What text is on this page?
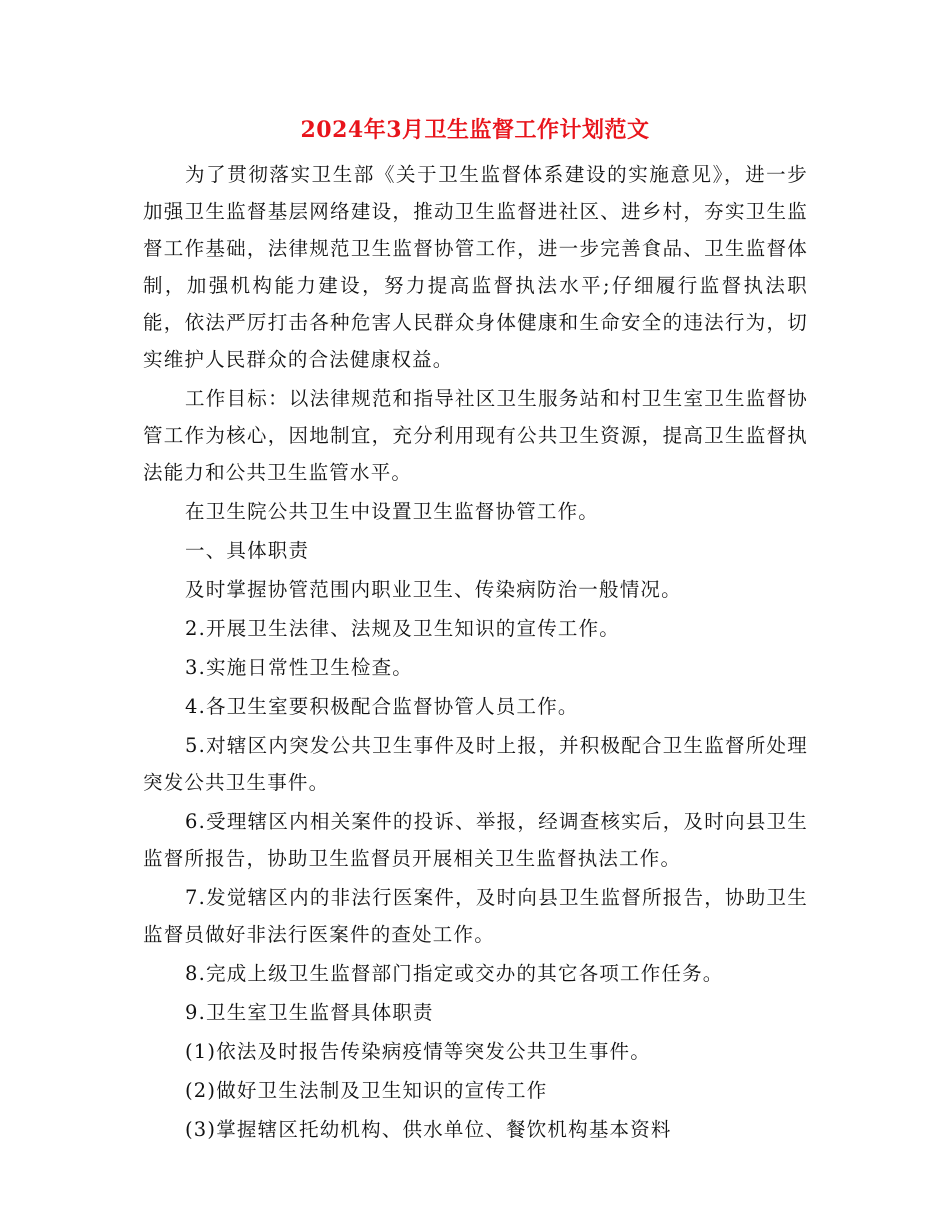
2024年3月卫生监督工作计划范文

为了贯彻落实卫生部《关于卫生监督体系建设的实施意见》，进一步加强卫生监督基层网络建设，推动卫生监督进社区、进乡村，夯实卫生监督工作基础，法律规范卫生监督协管工作，进一步完善食品、卫生监督体制，加强机构能力建设，努力提高监督执法水平;仔细履行监督执法职能，依法严厉打击各种危害人民群众身体健康和生命安全的违法行为，切实维护人民群众的合法健康权益。

工作目标：以法律规范和指导社区卫生服务站和村卫生室卫生监督协管工作为核心，因地制宜，充分利用现有公共卫生资源，提高卫生监督执法能力和公共卫生监管水平。

在卫生院公共卫生中设置卫生监督协管工作。

一、具体职责

及时掌握协管范围内职业卫生、传染病防治一般情况。

2.开展卫生法律、法规及卫生知识的宣传工作。

3.实施日常性卫生检查。

4.各卫生室要积极配合监督协管人员工作。

5.对辖区内突发公共卫生事件及时上报，并积极配合卫生监督所处理突发公共卫生事件。

6.受理辖区内相关案件的投诉、举报，经调查核实后，及时向县卫生监督所报告，协助卫生监督员开展相关卫生监督执法工作。

7.发觉辖区内的非法行医案件，及时向县卫生监督所报告，协助卫生监督员做好非法行医案件的查处工作。

8.完成上级卫生监督部门指定或交办的其它各项工作任务。

9.卫生室卫生监督具体职责

(1)依法及时报告传染病疫情等突发公共卫生事件。

(2)做好卫生法制及卫生知识的宣传工作

(3)掌握辖区托幼机构、供水单位、餐饮机构基本资料
